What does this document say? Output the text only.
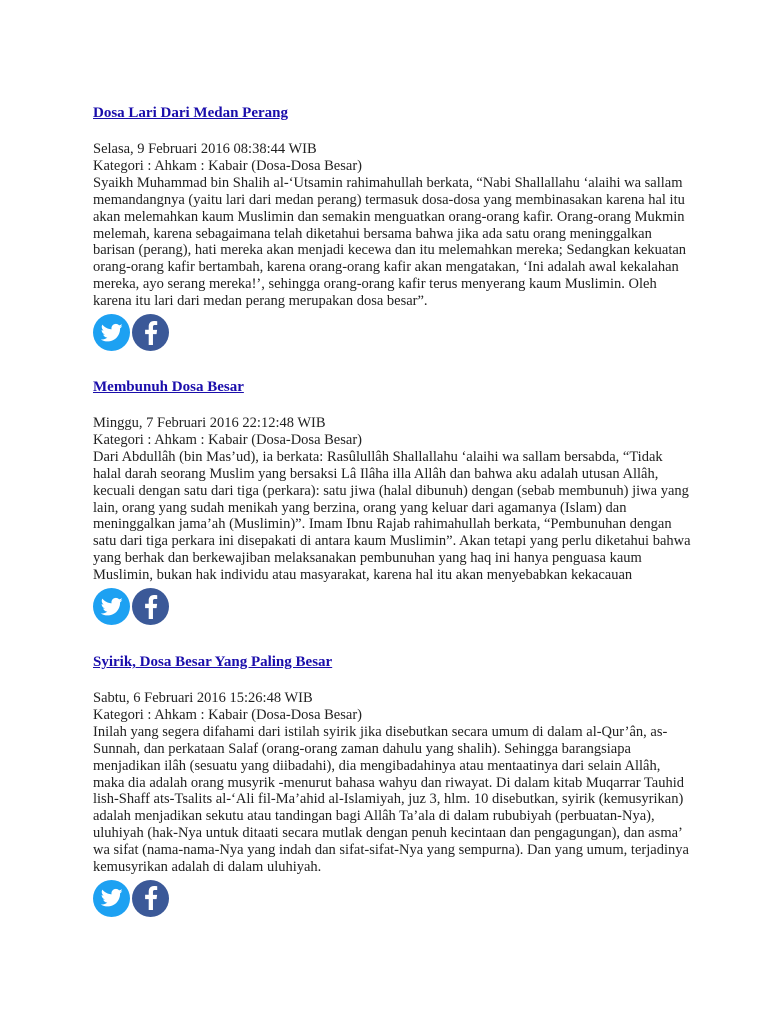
Dosa Lari Dari Medan Perang
Selasa, 9 Februari 2016 08:38:44 WIB
Kategori : Ahkam : Kabair (Dosa-Dosa Besar)

Syaikh Muhammad bin Shalih al-‘Utsamin rahimahullah berkata, “Nabi Shallallahu ‘alaihi wa sallam memandangnya (yaitu lari dari medan perang) termasuk dosa-dosa yang membinasakan karena hal itu akan melemahkan kaum Muslimin dan semakin menguatkan orang-orang kafir. Orang-orang Mukmin melemah, karena sebagaimana telah diketahui bersama bahwa jika ada satu orang meninggalkan barisan (perang), hati mereka akan menjadi kecewa dan itu melemahkan mereka; Sedangkan kekuatan orang-orang kafir bertambah, karena orang-orang kafir akan mengatakan, ‘Ini adalah awal kekalahan mereka, ayo serang mereka!’, sehingga orang-orang kafir terus menyerang kaum Muslimin. Oleh karena itu lari dari medan perang merupakan dosa besar”.

Membunuh Dosa Besar
Minggu, 7 Februari 2016 22:12:48 WIB
Kategori : Ahkam : Kabair (Dosa-Dosa Besar)

Dari Abdullâh (bin Mas’ud), ia berkata: Rasûlullâh Shallallahu ‘alaihi wa sallam bersabda, “Tidak halal darah seorang Muslim yang bersaksi Lâ Ilâha illa Allâh dan bahwa aku adalah utusan Allâh, kecuali dengan satu dari tiga (perkara): satu jiwa (halal dibunuh) dengan (sebab membunuh) jiwa yang lain, orang yang sudah menikah yang berzina, orang yang keluar dari agamanya (Islam) dan meninggalkan jama’ah (Muslimin)”. Imam Ibnu Rajab rahimahullah berkata, “Pembunuhan dengan satu dari tiga perkara ini disepakati di antara kaum Muslimin”. Akan tetapi yang perlu diketahui bahwa yang berhak dan berkewajiban melaksanakan pembunuhan yang haq ini hanya penguasa kaum Muslimin, bukan hak individu atau masyarakat, karena hal itu akan menyebabkan kekacauan

Syirik, Dosa Besar Yang Paling Besar
Sabtu, 6 Februari 2016 15:26:48 WIB
Kategori : Ahkam : Kabair (Dosa-Dosa Besar)

Inilah yang segera difahami dari istilah syirik jika disebutkan secara umum di dalam al-Qur’ân, as-Sunnah, dan perkataan Salaf (orang-orang zaman dahulu yang shalih). Sehingga barangsiapa menjadikan ilâh (sesuatu yang diibadahi), dia mengibadahinya atau mentaatinya dari selain Allâh, maka dia adalah orang musyrik -menurut bahasa wahyu dan riwayat. Di dalam kitab Muqarrar Tauhid lish-Shaff ats-Tsalits al-‘Ali fil-Ma’ahid al-Islamiyah, juz 3, hlm. 10 disebutkan, syirik (kemusyrikan) adalah menjadikan sekutu atau tandingan bagi Allâh Ta’ala di dalam rububiyah (perbuatan-Nya), uluhiyah (hak-Nya untuk ditaati secara mutlak dengan penuh kecintaan dan pengagungan), dan asma’ wa sifat (nama-nama-Nya yang indah dan sifat-sifat-Nya yang sempurna). Dan yang umum, terjadinya kemusyrikan adalah di dalam uluhiyah.
